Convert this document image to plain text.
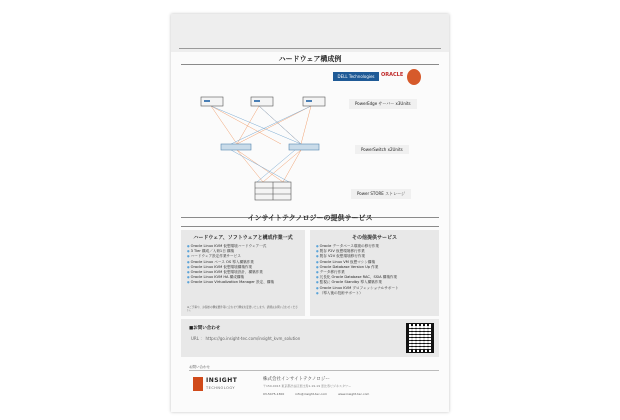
ハードウェア構成例
DELL Technologies	ORACLE
PowerEdge サーバー x3Units
PowerSwitch x2Units
Power STORE ストレージ
インサイトテクノロジーの提供サービス
ハードウェア、ソフトウェアと構成作業一式
● Oracle Linux KVM 仮想環境ハードウェア一式
● 3 Tier 構成／入荷1日 構築
● ハードウェア設定作業サービス
● Oracle Linux ベース OS 導入構築作業
● Oracle Linux KVM 仮想環境構築作業
● Oracle Linux KVM 仮想環境設計、構築作業
● Oracle Linux KVM HA 構成構築
● Oracle Linux Virtualization Manager 設定、構築
※ご予算や、お客様の構成要件等に合わせて構成を変更いたします。詳細はお問い合わせください。
その他提供サービス
● Oracle データベース環境の移行作業
● 既存 P2V 仮想環境移行作業
● 既存 V2V 仮想環境移行作業
● Oracle Linux VM 仮想マシン構築
● Oracle Database Version Up 作業
● データ移行作業
● 冗長化 Oracle Database RAC、SSIA 構築作業
● 監視に Oracle Standby 導入構築作業
● Oracle Linux KVM プロフェッショナルサポート
● （導入後の技術サポート）
■お問い合わせ
URL ： https://go.insight-tec.com/insight_kvm_solution
お問い合わせ
INSIGHT
TECHNOLOGY
株式会社インサイトテクノロジー
〒150-0013 東京都渋谷区恵比寿1-19-19 恵比寿ビジネスタワー
03-5475-1300	info@insight-tec.com	www.insight-tec.com
